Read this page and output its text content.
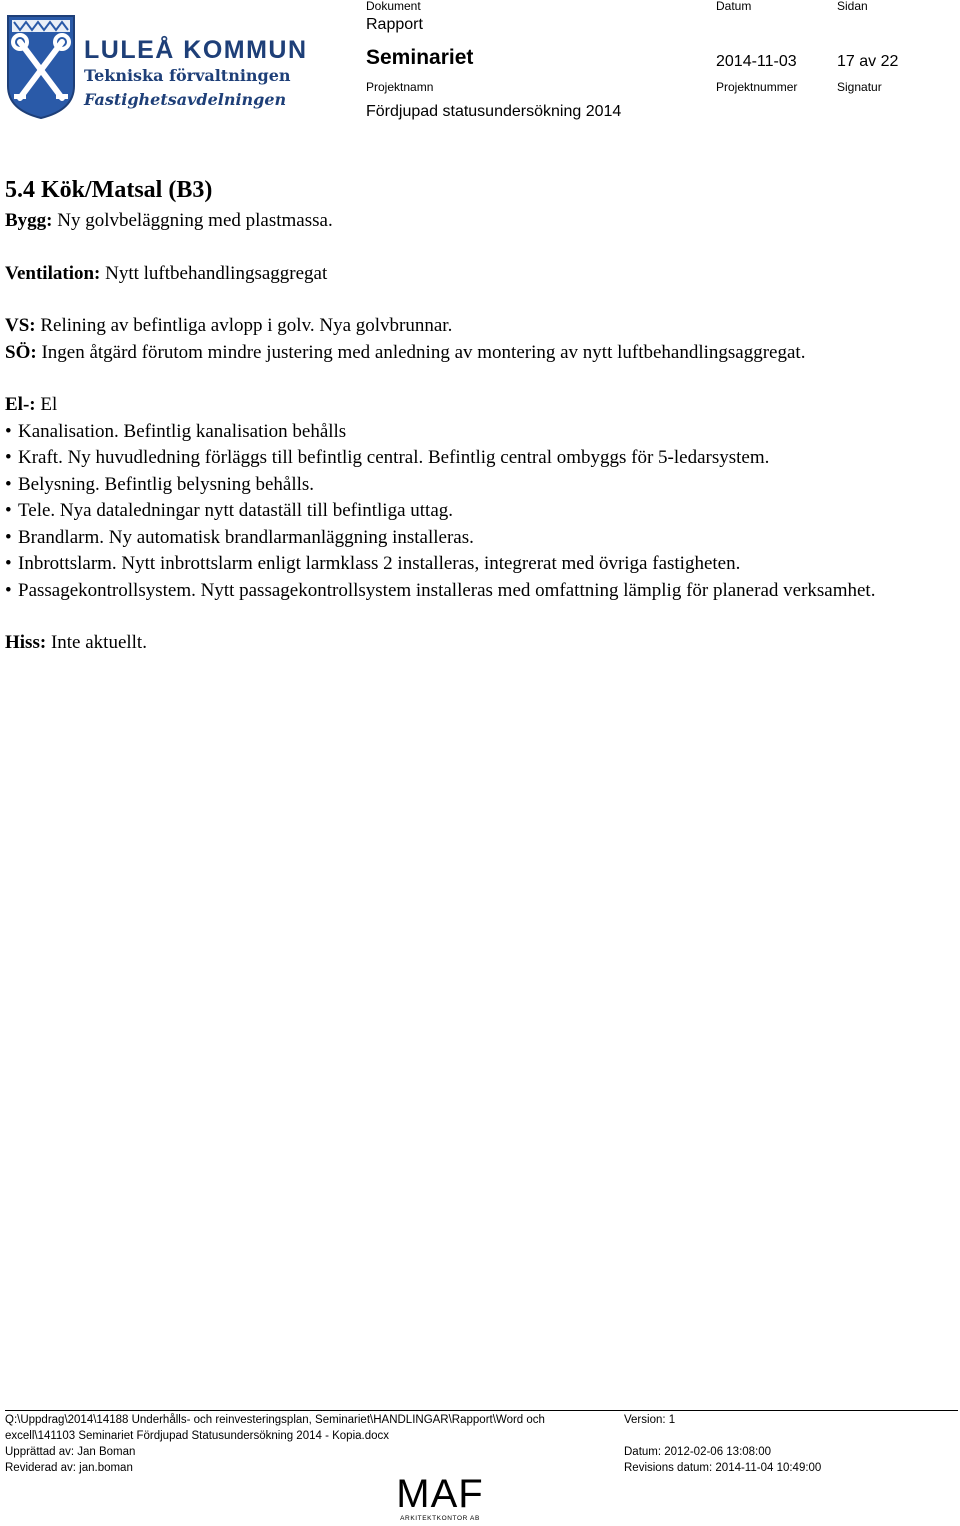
LULEÅ KOMMUN
Tekniska förvaltningen
Fastighetsavdelningen
Dokument
Rapport
Datum	Sidan
Seminariet	2014-11-03	17 av 22
Projektnamn	Projektnummer	Signatur
Fördjupad statusundersökning 2014

5.4 Kök/Matsal (B3)

Bygg: Ny golvbeläggning med plastmassa.

Ventilation: Nytt luftbehandlingsaggregat

VS: Relining av befintliga avlopp i golv. Nya golvbrunnar.

SÖ: Ingen åtgärd förutom mindre justering med anledning av montering av nytt luftbehandlingsaggregat.

El-: El

• Kanalisation. Befintlig kanalisation behålls

• Kraft. Ny huvudledning förläggs till befintlig central. Befintlig central ombyggs för 5-ledarsystem.

• Belysning. Befintlig belysning behålls.

• Tele. Nya dataledningar nytt dataställ till befintliga uttag.

• Brandlarm. Ny automatisk brandlarmanläggning installeras.

• Inbrottslarm. Nytt inbrottslarm enligt larmklass 2 installeras, integrerat med övriga fastigheten.

• Passagekontrollsystem. Nytt passagekontrollsystem installeras med omfattning lämplig för planerad verksamhet.

Hiss: Inte aktuellt.

Q:\Uppdrag\2014\14188 Underhålls- och reinvesteringsplan, Seminariet\HANDLINGAR\Rapport\Word och	Version: 1
excell\141103 Seminariet Fördjupad Statusundersökning 2014 - Kopia.docx
Upprättad av: Jan Boman	Datum: 2012-02-06 13:08:00
Reviderad av: jan.boman	Revisions datum: 2014-11-04 10:49:00
MAF
ARKITEKTKONTOR AB
